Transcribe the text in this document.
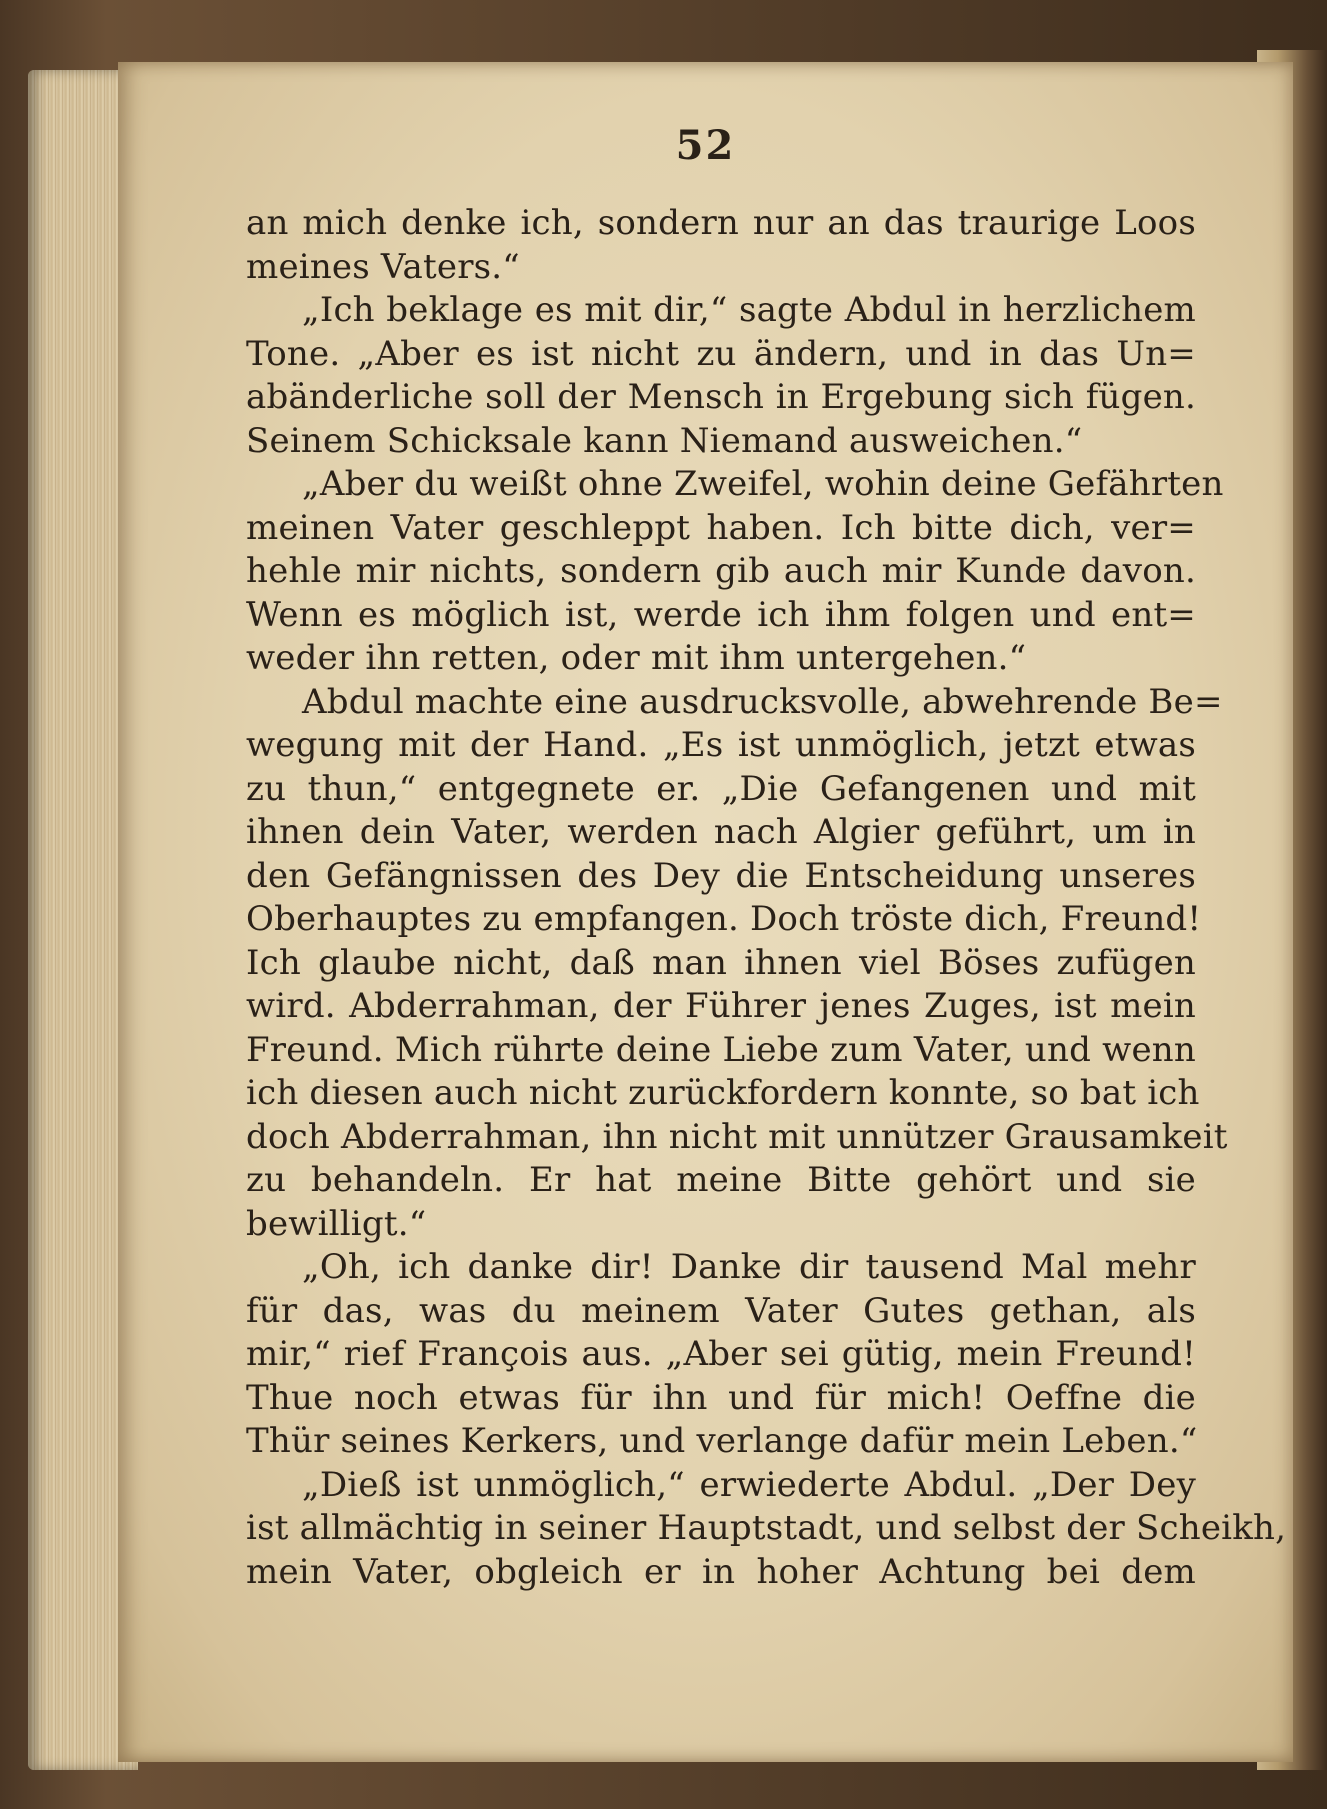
52
an mich denke ich, sondern nur an das traurige Loos
meines Vaters.“
„Ich beklage es mit dir,“ sagte Abdul in herzlichem
Tone. „Aber es ist nicht zu ändern, und in das Un=
abänderliche soll der Mensch in Ergebung sich fügen.
Seinem Schicksale kann Niemand ausweichen.“
„Aber du weißt ohne Zweifel, wohin deine Gefährten
meinen Vater geschleppt haben. Ich bitte dich, ver=
hehle mir nichts, sondern gib auch mir Kunde davon.
Wenn es möglich ist, werde ich ihm folgen und ent=
weder ihn retten, oder mit ihm untergehen.“
Abdul machte eine ausdrucksvolle, abwehrende Be=
wegung mit der Hand. „Es ist unmöglich, jetzt etwas
zu thun,“ entgegnete er. „Die Gefangenen und mit
ihnen dein Vater, werden nach Algier geführt, um in
den Gefängnissen des Dey die Entscheidung unseres
Oberhauptes zu empfangen. Doch tröste dich, Freund!
Ich glaube nicht, daß man ihnen viel Böses zufügen
wird. Abderrahman, der Führer jenes Zuges, ist mein
Freund. Mich rührte deine Liebe zum Vater, und wenn
ich diesen auch nicht zurückfordern konnte, so bat ich
doch Abderrahman, ihn nicht mit unnützer Grausamkeit
zu behandeln. Er hat meine Bitte gehört und sie
bewilligt.“
„Oh, ich danke dir! Danke dir tausend Mal mehr
für das, was du meinem Vater Gutes gethan, als
mir,“ rief François aus. „Aber sei gütig, mein Freund!
Thue noch etwas für ihn und für mich! Oeffne die
Thür seines Kerkers, und verlange dafür mein Leben.“
„Dieß ist unmöglich,“ erwiederte Abdul. „Der Dey
ist allmächtig in seiner Hauptstadt, und selbst der Scheikh,
mein Vater, obgleich er in hoher Achtung bei dem
